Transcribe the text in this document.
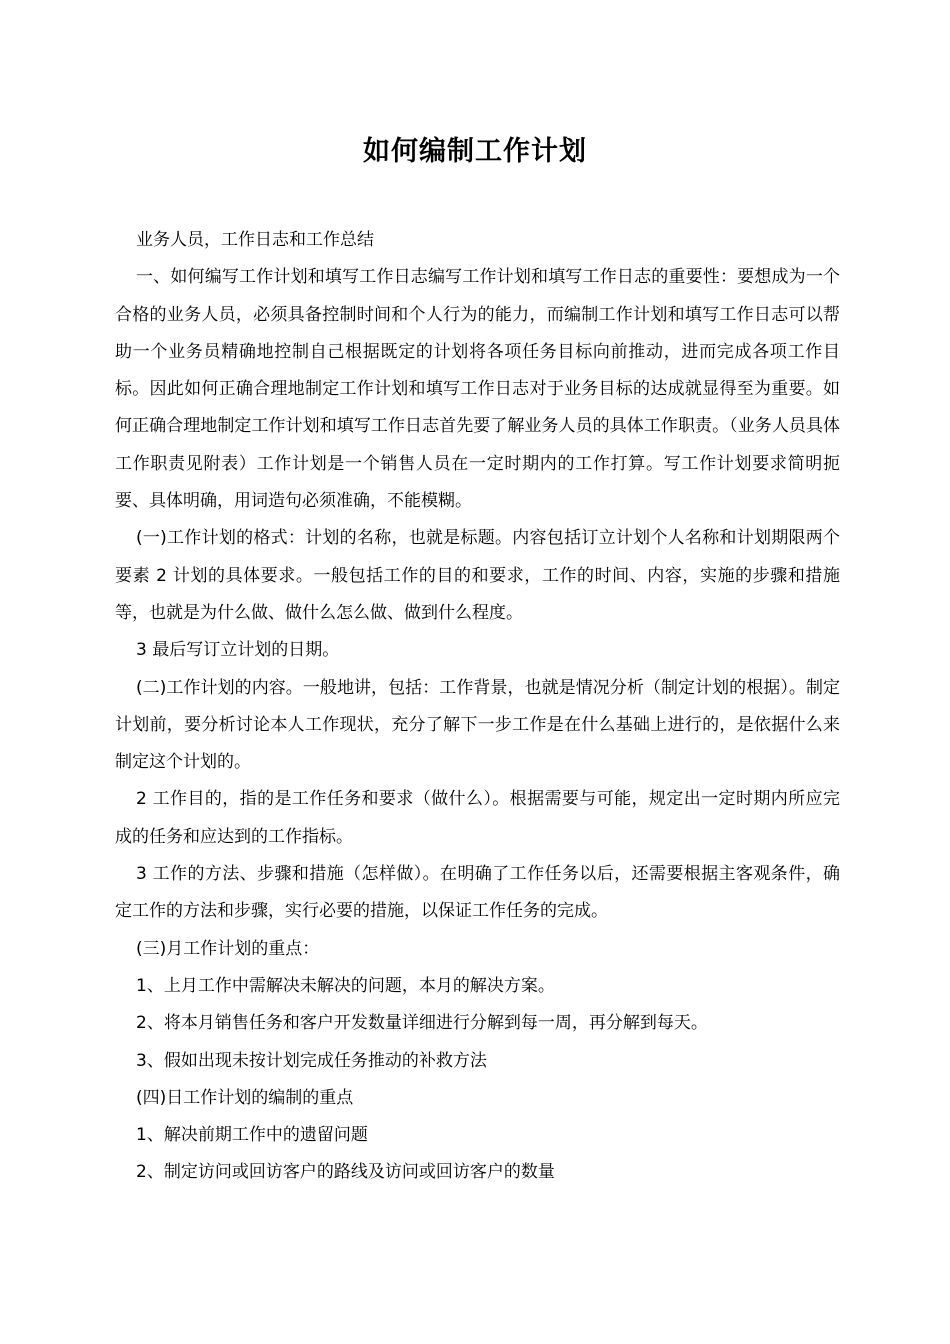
如何编制工作计划

业务人员，工作日志和工作总结

一、如何编写工作计划和填写工作日志编写工作计划和填写工作日志的重要性：要想成为一个合格的业务人员，必须具备控制时间和个人行为的能力，而编制工作计划和填写工作日志可以帮助一个业务员精确地控制自己根据既定的计划将各项任务目标向前推动，进而完成各项工作目标。因此如何正确合理地制定工作计划和填写工作日志对于业务目标的达成就显得至为重要。如何正确合理地制定工作计划和填写工作日志首先要了解业务人员的具体工作职责。（业务人员具体工作职责见附表）工作计划是一个销售人员在一定时期内的工作打算。写工作计划要求简明扼要、具体明确，用词造句必须准确，不能模糊。

(一)工作计划的格式：计划的名称，也就是标题。内容包括订立计划个人名称和计划期限两个要素 2 计划的具体要求。一般包括工作的目的和要求，工作的时间、内容，实施的步骤和措施等，也就是为什么做、做什么怎么做、做到什么程度。

3 最后写订立计划的日期。

(二)工作计划的内容。一般地讲，包括：工作背景，也就是情况分析（制定计划的根据）。制定计划前，要分析讨论本人工作现状，充分了解下一步工作是在什么基础上进行的，是依据什么来制定这个计划的。

2 工作目的，指的是工作任务和要求（做什么）。根据需要与可能，规定出一定时期内所应完成的任务和应达到的工作指标。

3 工作的方法、步骤和措施（怎样做）。在明确了工作任务以后，还需要根据主客观条件，确定工作的方法和步骤，实行必要的措施，以保证工作任务的完成。

(三)月工作计划的重点：

1、上月工作中需解决未解决的问题，本月的解决方案。

2、将本月销售任务和客户开发数量详细进行分解到每一周，再分解到每天。

3、假如出现未按计划完成任务推动的补救方法

(四)日工作计划的编制的重点

1、解决前期工作中的遗留问题

2、制定访问或回访客户的路线及访问或回访客户的数量
